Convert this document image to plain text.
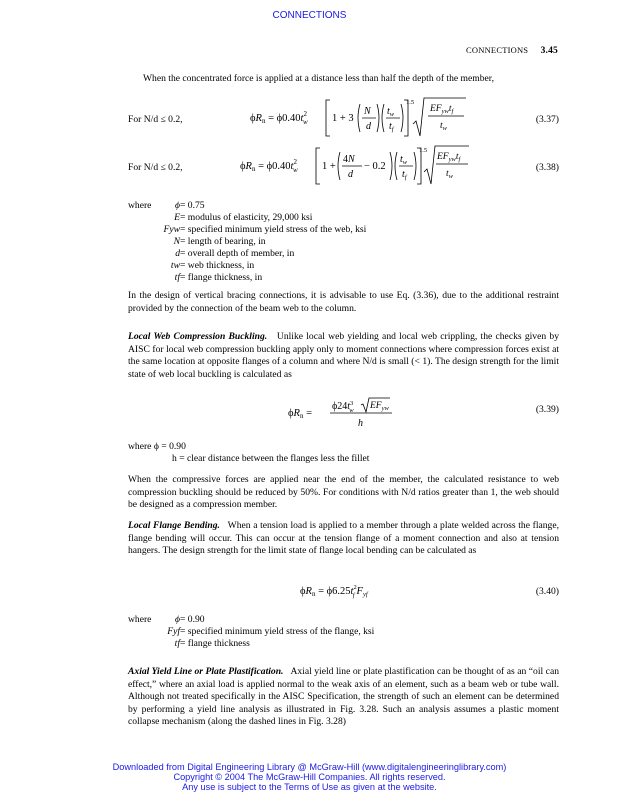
CONNECTIONS
CONNECTIONS 3.45
When the concentrated force is applied at a distance less than half the depth of the member,
For N/d ≤ 0.2,	$\phi Rn = \phi 0.40t^2$ w 1 + 3
N
d
$t_w$
$t_f$
1.5
$EF_{yw}t_f$
$t_w$
(3.37)
For N/d ≤ 0.2,	$\phi Rn = \phi 0.40t^2$ w 1 +
4N
d
− 0.2
$t_w$
$t_f$
1.5
$EF_{yw}t_f$
$t_w$
(3.38)
where ϕ = 0.75
E = modulus of elasticity, 29,000 ksi
Fyw = specified minimum yield stress of the web, ksi
N = length of bearing, in
d = overall depth of member, in
tw = web thickness, in
tf = flange thickness, in
In the design of vertical bracing connections, it is advisable to use Eq. (3.36), due to the additional restraint provided by the connection of the beam web to the column.
Local Web Compression Buckling. Unlike local web yielding and local web crippling, the checks given by AISC for local web compression buckling apply only to moment connections where compression forces exist at the same location at opposite flanges of a column and where N/d is small (< 1). The design strength for the limit state of web local buckling is calculated as
ϕRn =
$\phi 24t^3$ w $EF_{yw}$
h
(3.39)
where ϕ = 0.90
h = clear distance between the flanges less the fillet
When the compressive forces are applied near the end of the member, the calculated resistance to web compression buckling should be reduced by 50%. For conditions with N/d ratios greater than 1, the web should be designed as a compression member.
Local Flange Bending. When a tension load is applied to a member through a plate welded across the flange, flange bending will occur. This can occur at the tension flange of a moment connection and also at tension hangers. The design strength for the limit state of flange local bending can be calculated as
$\phi Rn = \phi 6.25t^2$ f Fyf	(3.40)
where ϕ = 0.90
Fyf = specified minimum yield stress of the flange, ksi
tf = flange thickness
Axial Yield Line or Plate Plastification. Axial yield line or plate plastification can be thought of as an “oil can effect,” where an axial load is applied normal to the weak axis of an element, such as a beam web or tube wall. Although not treated specifically in the AISC Specification, the strength of such an element can be determined by performing a yield line analysis as illustrated in Fig. 3.28. Such an analysis assumes a plastic moment collapse mechanism (along the dashed lines in Fig. 3.28)
Downloaded from Digital Engineering Library @ McGraw-Hill (www.digitalengineeringlibrary.com)
Copyright © 2004 The McGraw-Hill Companies. All rights reserved.
Any use is subject to the Terms of Use as given at the website.
